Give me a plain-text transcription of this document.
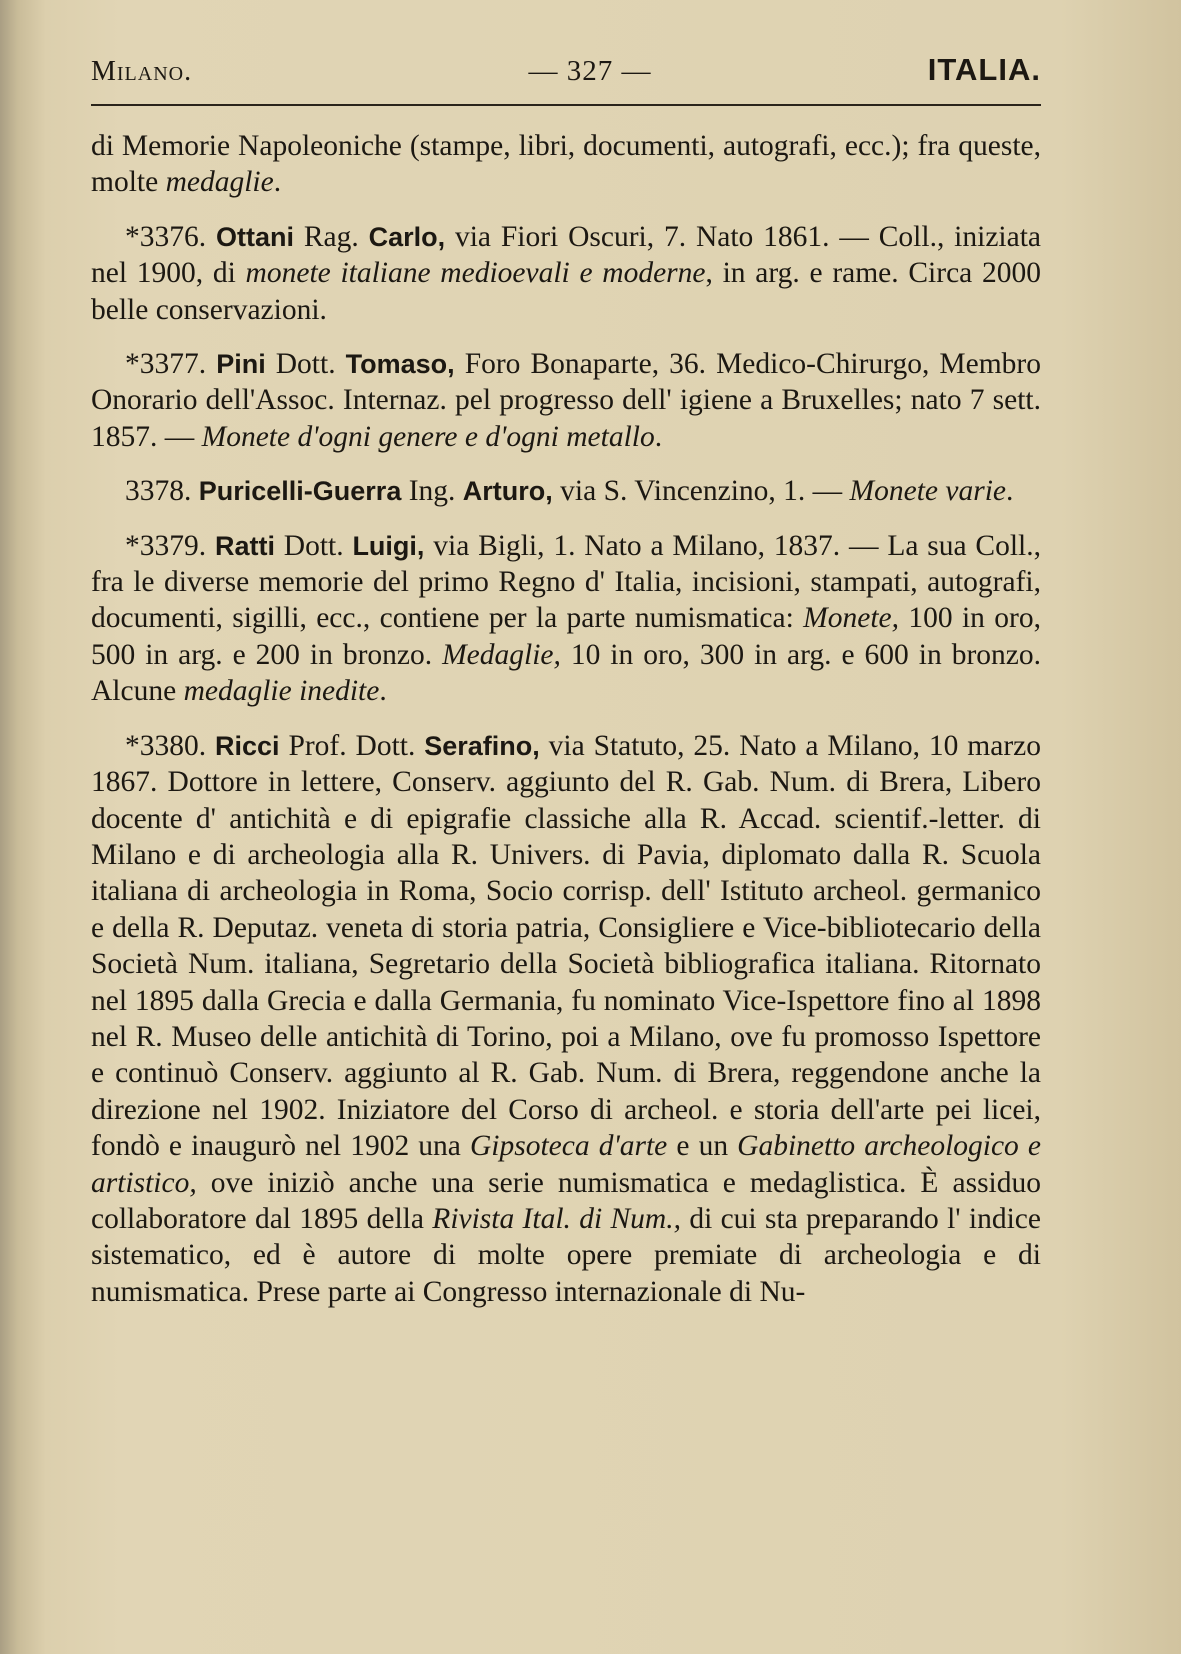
Milano.	— 327 —	ITALIA.

di Memorie Napoleoniche (stampe, libri, documenti, autografi, ecc.); fra queste, molte medaglie.

*3376. Ottani Rag. Carlo, via Fiori Oscuri, 7. Nato 1861. — Coll., iniziata nel 1900, di monete italiane medioevali e moderne, in arg. e rame. Circa 2000 belle conservazioni.

*3377. Pini Dott. Tomaso, Foro Bonaparte, 36. Medico-Chirurgo, Membro Onorario dell'Assoc. Internaz. pel progresso dell' igiene a Bruxelles; nato 7 sett. 1857. — Monete d'ogni genere e d'ogni metallo.

3378. Puricelli-Guerra Ing. Arturo, via S. Vincenzino, 1. — Monete varie.

*3379. Ratti Dott. Luigi, via Bigli, 1. Nato a Milano, 1837. — La sua Coll., fra le diverse memorie del primo Regno d' Italia, incisioni, stampati, autografi, documenti, sigilli, ecc., contiene per la parte numismatica: Monete, 100 in oro, 500 in arg. e 200 in bronzo. Medaglie, 10 in oro, 300 in arg. e 600 in bronzo. Alcune medaglie inedite.

*3380. Ricci Prof. Dott. Serafino, via Statuto, 25. Nato a Milano, 10 marzo 1867. Dottore in lettere, Conserv. aggiunto del R. Gab. Num. di Brera, Libero docente d' antichità e di epigrafie classiche alla R. Accad. scientif.-letter. di Milano e di archeologia alla R. Univers. di Pavia, diplomato dalla R. Scuola italiana di archeologia in Roma, Socio corrisp. dell' Istituto archeol. germanico e della R. Deputaz. veneta di storia patria, Consigliere e Vice-bibliotecario della Società Num. italiana, Segretario della Società bibliografica italiana. Ritornato nel 1895 dalla Grecia e dalla Germania, fu nominato Vice-Ispettore fino al 1898 nel R. Museo delle antichità di Torino, poi a Milano, ove fu promosso Ispettore e continuò Conserv. aggiunto al R. Gab. Num. di Brera, reggendone anche la direzione nel 1902. Iniziatore del Corso di archeol. e storia dell'arte pei licei, fondò e inaugurò nel 1902 una Gipsoteca d'arte e un Gabinetto archeologico e artistico, ove iniziò anche una serie numismatica e medaglistica. È assiduo collaboratore dal 1895 della Rivista Ital. di Num., di cui sta preparando l' indice sistematico, ed è autore di molte opere premiate di archeologia e di numismatica. Prese parte ai Congresso internazionale di Nu-
